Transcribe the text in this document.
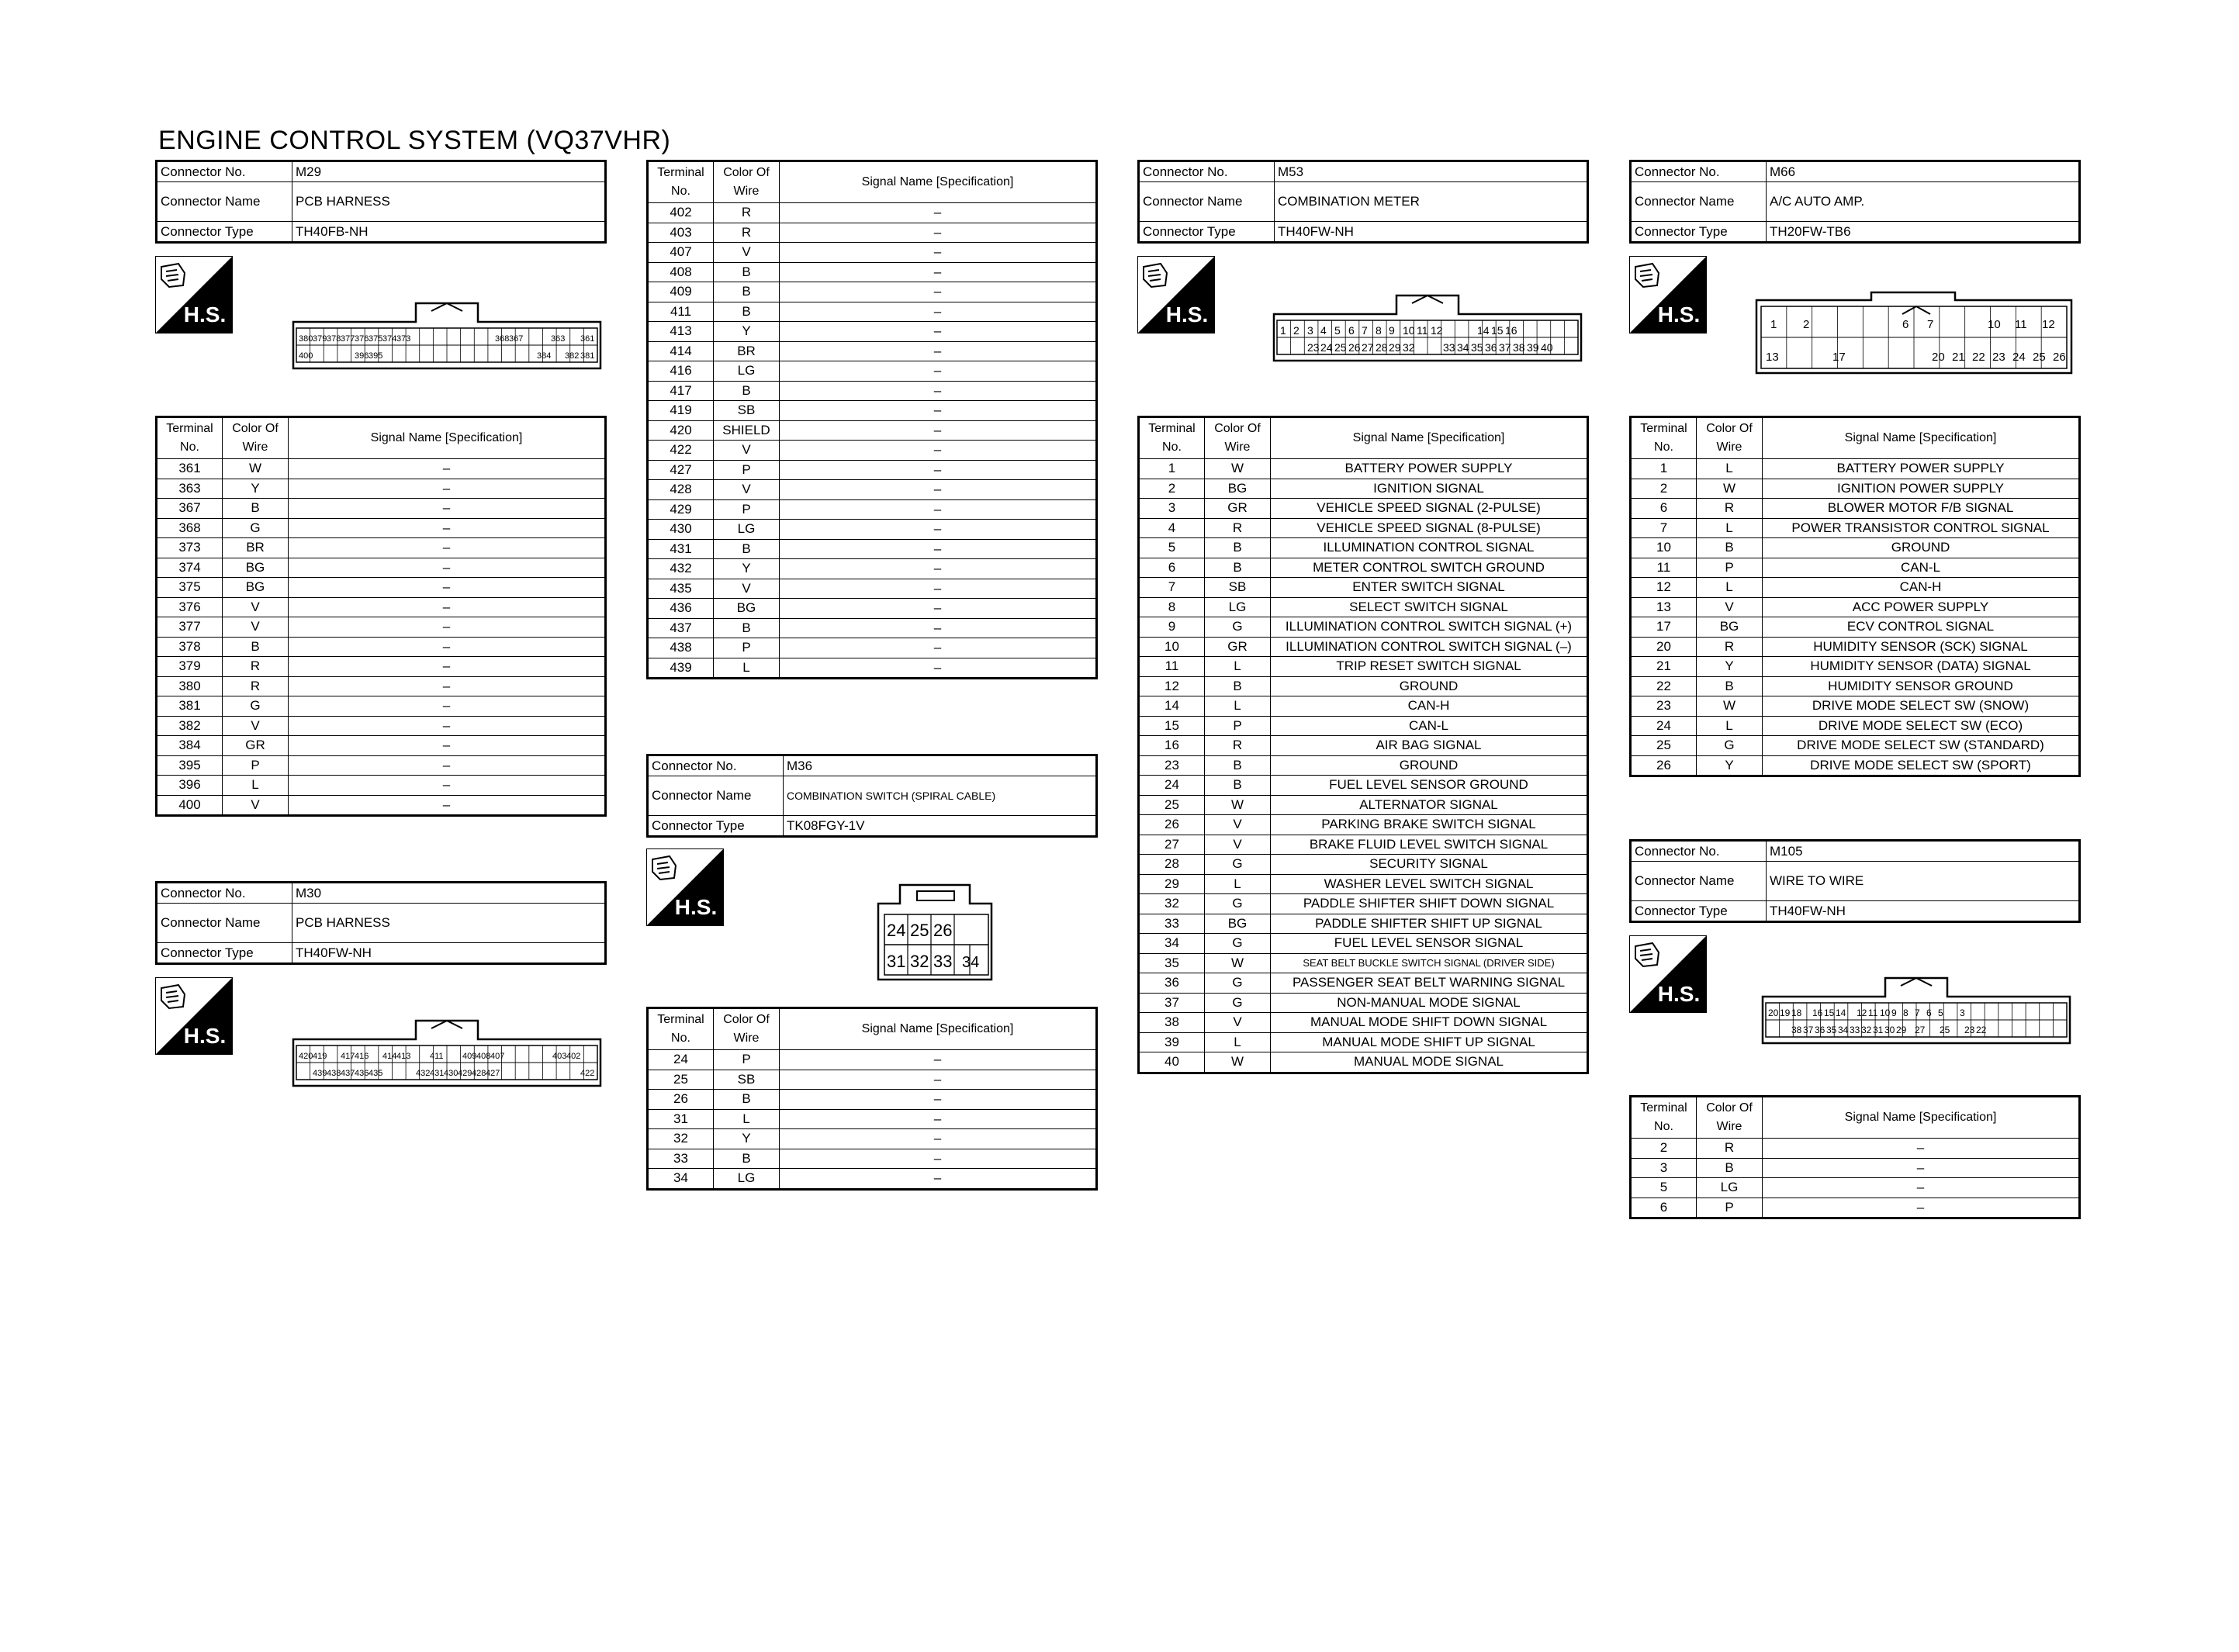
ENGINE CONTROL SYSTEM (VQ37VHR)
Connector No.	M29
Connector Name	PCB HARNESS
Connector Type	TH40FB-NH
H.S.
380 379 378 377 376 375 374 373	368 367	363 361
400	396 395	384 382 381
Terminal No.	Color Of Wire	Signal Name [Specification]
361	W	–
363	Y	–
367	B	–
368	G	–
373	BR	–
374	BG	–
375	BG	–
376	V	–
377	V	–
378	B	–
379	R	–
380	R	–
381	G	–
382	V	–
384	GR	–
395	P	–
396	L	–
400	V	–
Connector No.	M30
Connector Name	PCB HARNESS
Connector Type	TH40FW-NH
H.S.
420 419 417 416 414 413 411 409 408 407	403 402
439 438 437 436 435	432 431 430 429 428 427	422
Terminal No.	Color Of Wire	Signal Name [Specification]
402	R	–
403	R	–
407	V	–
408	B	–
409	B	–
411	B	–
413	Y	–
414	BR	–
416	LG	–
417	B	–
419	SB	–
420	SHIELD	–
422	V	–
427	P	–
428	V	–
429	P	–
430	LG	–
431	B	–
432	Y	–
435	V	–
436	BG	–
437	B	–
438	P	–
439	L	–
Connector No.	M36
Connector Name	COMBINATION SWITCH (SPIRAL CABLE)
Connector Type	TK08FGY-1V
H.S.
24 25 26
31 32 33 34
Terminal No.	Color Of Wire	Signal Name [Specification]
24	P	–
25	SB	–
26	B	–
31	L	–
32	Y	–
33	B	–
34	LG	–
Connector No.	M53
Connector Name	COMBINATION METER
Connector Type	TH40FW-NH
H.S.
1 2 3 4 5 6 7 8 9 10 11 12	14 15 16
23 24 25 26 27 28 29 32	33 34 35 36 37 38 39 40
Terminal No.	Color Of Wire	Signal Name [Specification]
1	W	BATTERY POWER SUPPLY
2	BG	IGNITION SIGNAL
3	GR	VEHICLE SPEED SIGNAL (2-PULSE)
4	R	VEHICLE SPEED SIGNAL (8-PULSE)
5	B	ILLUMINATION CONTROL SIGNAL
6	B	METER CONTROL SWITCH GROUND
7	SB	ENTER SWITCH SIGNAL
8	LG	SELECT SWITCH SIGNAL
9	G	ILLUMINATION CONTROL SWITCH SIGNAL (+)
10	GR	ILLUMINATION CONTROL SWITCH SIGNAL (–)
11	L	TRIP RESET SWITCH SIGNAL
12	B	GROUND
14	L	CAN-H
15	P	CAN-L
16	R	AIR BAG SIGNAL
23	B	GROUND
24	B	FUEL LEVEL SENSOR GROUND
25	W	ALTERNATOR SIGNAL
26	V	PARKING BRAKE SWITCH SIGNAL
27	V	BRAKE FLUID LEVEL SWITCH SIGNAL
28	G	SECURITY SIGNAL
29	L	WASHER LEVEL SWITCH SIGNAL
32	G	PADDLE SHIFTER SHIFT DOWN SIGNAL
33	BG	PADDLE SHIFTER SHIFT UP SIGNAL
34	G	FUEL LEVEL SENSOR SIGNAL
35	W	SEAT BELT BUCKLE SWITCH SIGNAL (DRIVER SIDE)
36	G	PASSENGER SEAT BELT WARNING SIGNAL
37	G	NON-MANUAL MODE SIGNAL
38	V	MANUAL MODE SHIFT DOWN SIGNAL
39	L	MANUAL MODE SHIFT UP SIGNAL
40	W	MANUAL MODE SIGNAL
Connector No.	M66
Connector Name	A/C AUTO AMP.
Connector Type	TH20FW-TB6
H.S.	1 2	6 7	10 11 12
13	17	20 21 22 23 24 25 26
Terminal No.	Color Of Wire	Signal Name [Specification]
1	L	BATTERY POWER SUPPLY
2	W	IGNITION POWER SUPPLY
6	R	BLOWER MOTOR F/B SIGNAL
7	L	POWER TRANSISTOR CONTROL SIGNAL
10	B	GROUND
11	P	CAN-L
12	L	CAN-H
13	V	ACC POWER SUPPLY
17	BG	ECV CONTROL SIGNAL
20	R	HUMIDITY SENSOR (SCK) SIGNAL
21	Y	HUMIDITY SENSOR (DATA) SIGNAL
22	B	HUMIDITY SENSOR GROUND
23	W	DRIVE MODE SELECT SW (SNOW)
24	L	DRIVE MODE SELECT SW (ECO)
25	G	DRIVE MODE SELECT SW (STANDARD)
26	Y	DRIVE MODE SELECT SW (SPORT)
Connector No.	M105
Connector Name	WIRE TO WIRE
Connector Type	TH40FW-NH
H.S.
20 19 18 16 15 14 12 11 10 9 8 7 6 5 3
38 37 36 35 34 33 32 31 30 29 27 25 23 22
Terminal No.	Color Of Wire	Signal Name [Specification]
2	R	–
3	B	–
5	LG	–
6	P	–
